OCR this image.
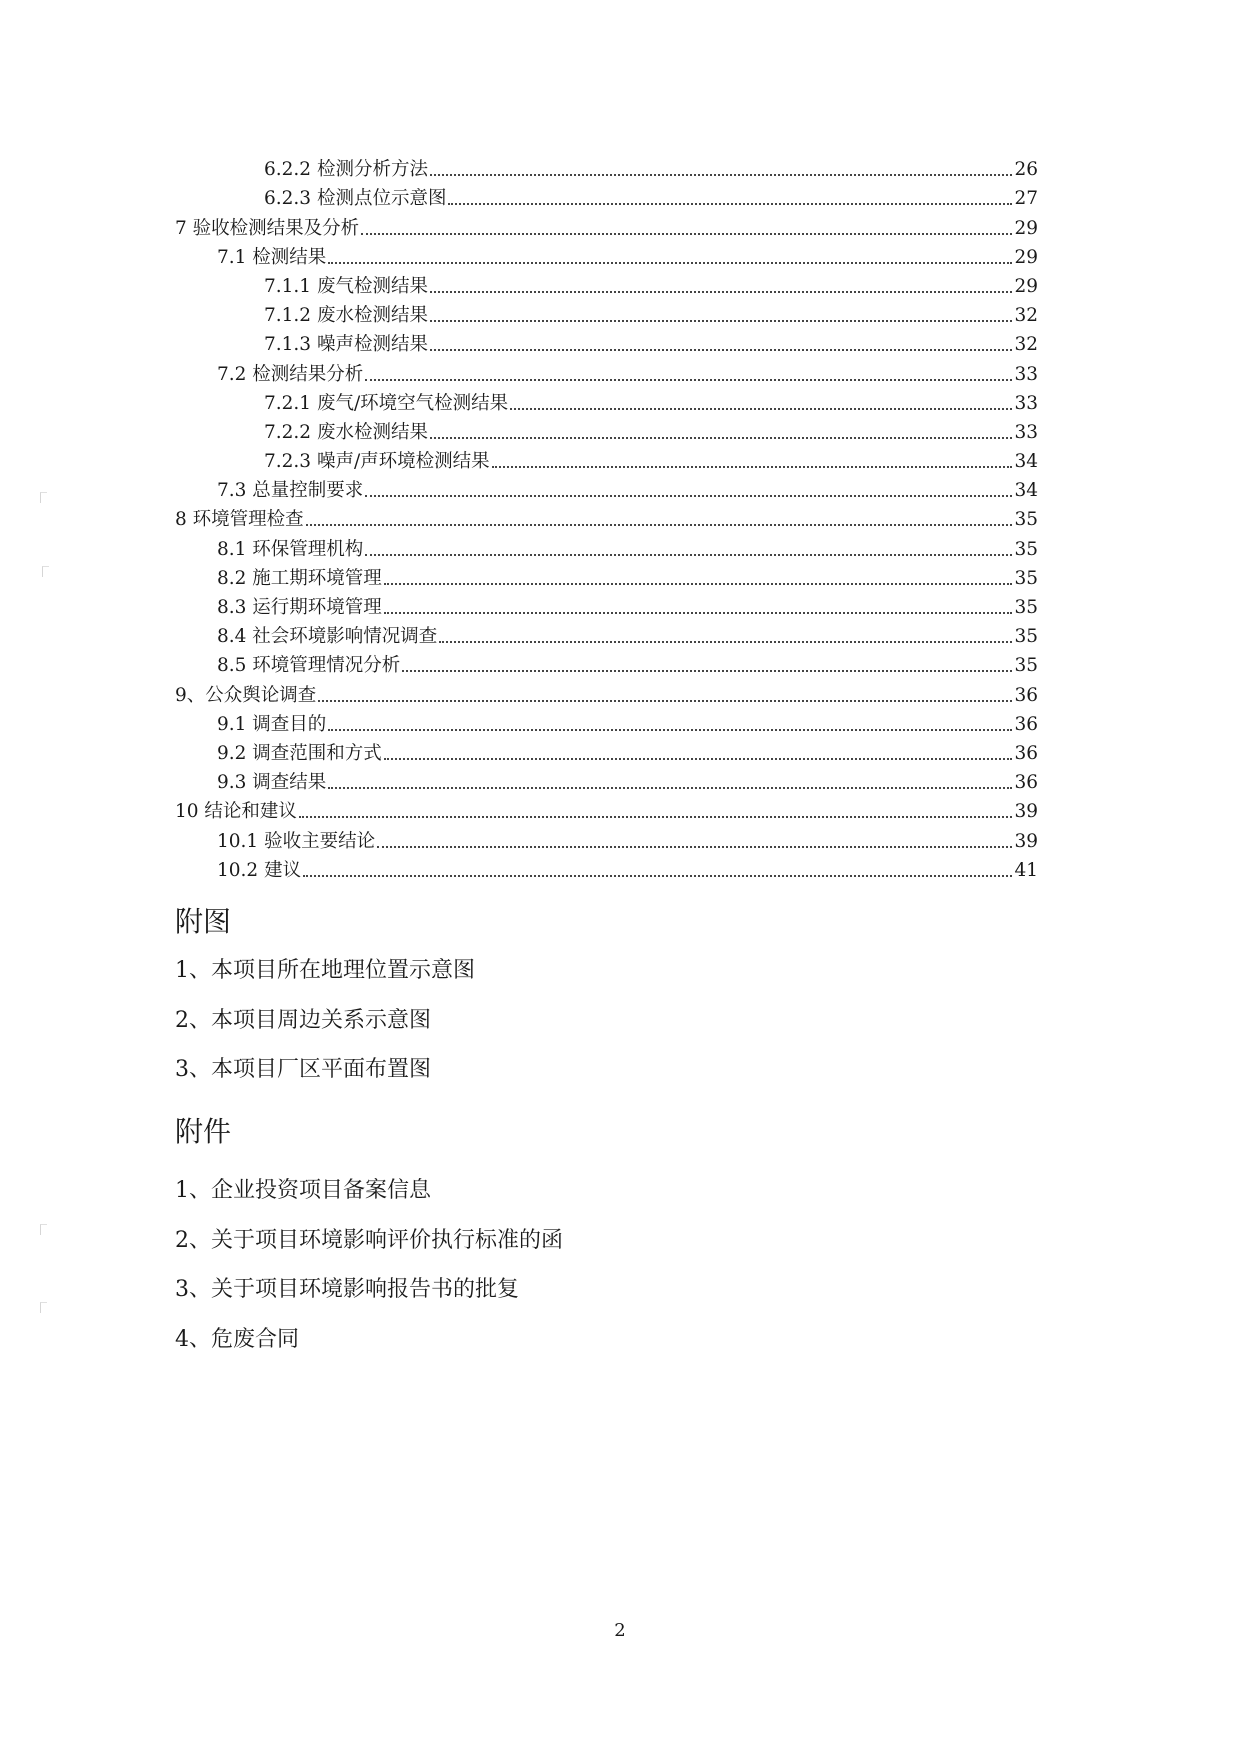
6.2.2 检测分析方法	26
6.2.3 检测点位示意图	27
7 验收检测结果及分析	29
7.1 检测结果	29
7.1.1 废气检测结果	29
7.1.2 废水检测结果	32
7.1.3 噪声检测结果	32
7.2 检测结果分析	33
7.2.1 废气/环境空气检测结果	33
7.2.2 废水检测结果	33
7.2.3 噪声/声环境检测结果	34
7.3 总量控制要求	34
8 环境管理检查	35
8.1 环保管理机构	35
8.2 施工期环境管理	35
8.3 运行期环境管理	35
8.4 社会环境影响情况调查	35
8.5 环境管理情况分析	35
9、公众舆论调查	36
9.1 调查目的	36
9.2 调查范围和方式	36
9.3 调查结果	36
10 结论和建议	39
10.1 验收主要结论	39
10.2 建议	41
附图
1、本项目所在地理位置示意图
2、本项目周边关系示意图
3、本项目厂区平面布置图
附件
1、企业投资项目备案信息
2、关于项目环境影响评价执行标准的函
3、关于项目环境影响报告书的批复
4、危废合同
2
